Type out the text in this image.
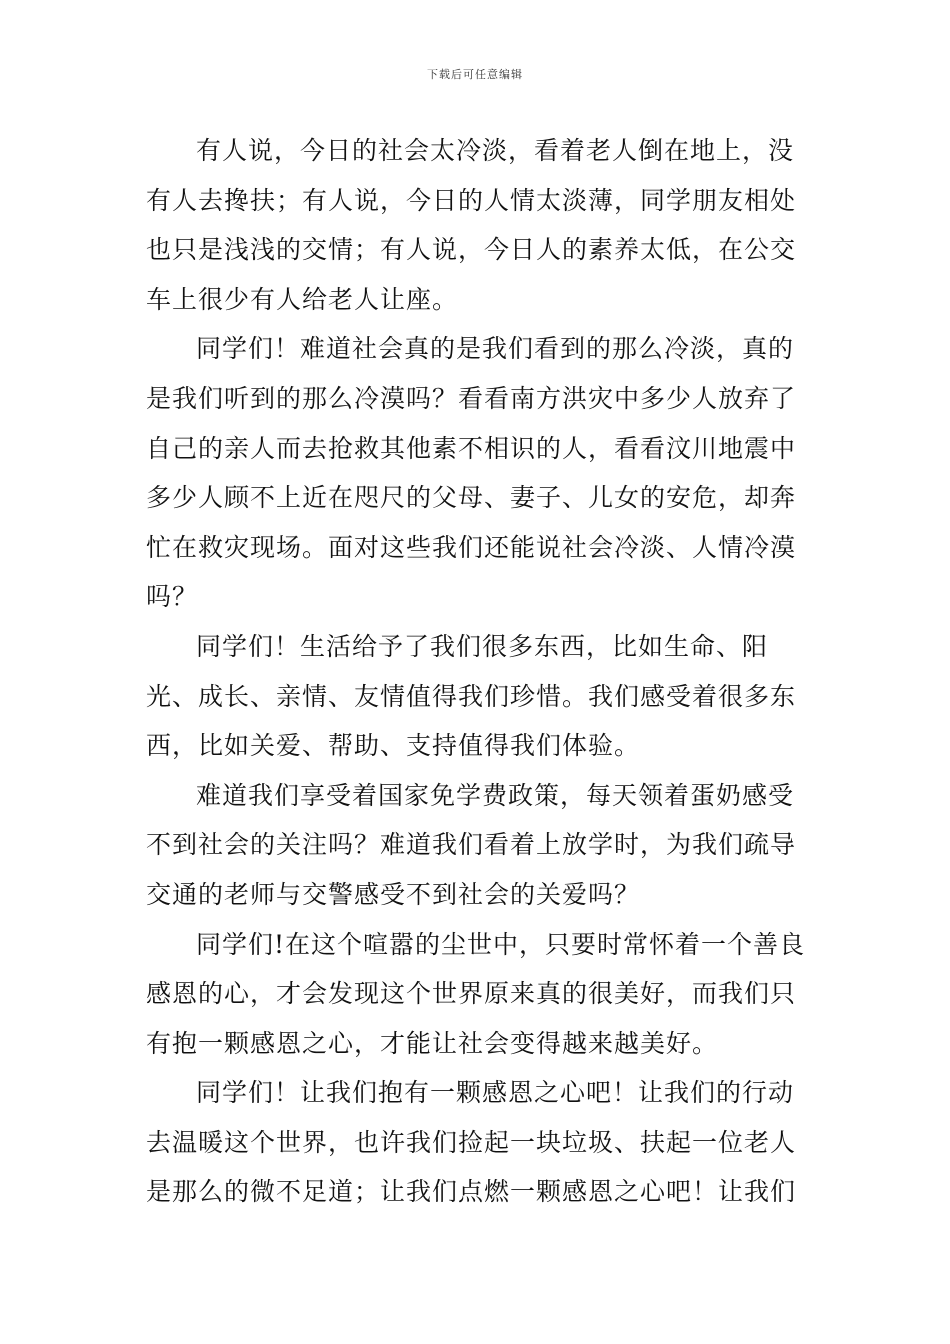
下载后可任意编辑

有人说，今日的社会太冷淡，看着老人倒在地上，没有人去搀扶；有人说，今日的人情太淡薄，同学朋友相处也只是浅浅的交情；有人说，今日人的素养太低，在公交车上很少有人给老人让座。

同学们！难道社会真的是我们看到的那么冷淡，真的是我们听到的那么冷漠吗？看看南方洪灾中多少人放弃了自己的亲人而去抢救其他素不相识的人，看看汶川地震中多少人顾不上近在咫尺的父母、妻子、儿女的安危，却奔忙在救灾现场。面对这些我们还能说社会冷淡、人情冷漠吗？

同学们！生活给予了我们很多东西，比如生命、阳光、成长、亲情、友情值得我们珍惜。我们感受着很多东西，比如关爱、帮助、支持值得我们体验。

难道我们享受着国家免学费政策，每天领着蛋奶感受不到社会的关注吗？难道我们看着上放学时，为我们疏导交通的老师与交警感受不到社会的关爱吗？

同学们!在这个喧嚣的尘世中，只要时常怀着一个善良感恩的心，才会发现这个世界原来真的很美好，而我们只有抱一颗感恩之心，才能让社会变得越来越美好。

同学们！让我们抱有一颗感恩之心吧！让我们的行动去温暖这个世界，也许我们捡起一块垃圾、扶起一位老人是那么的微不足道；让我们点燃一颗感恩之心吧！让我们
